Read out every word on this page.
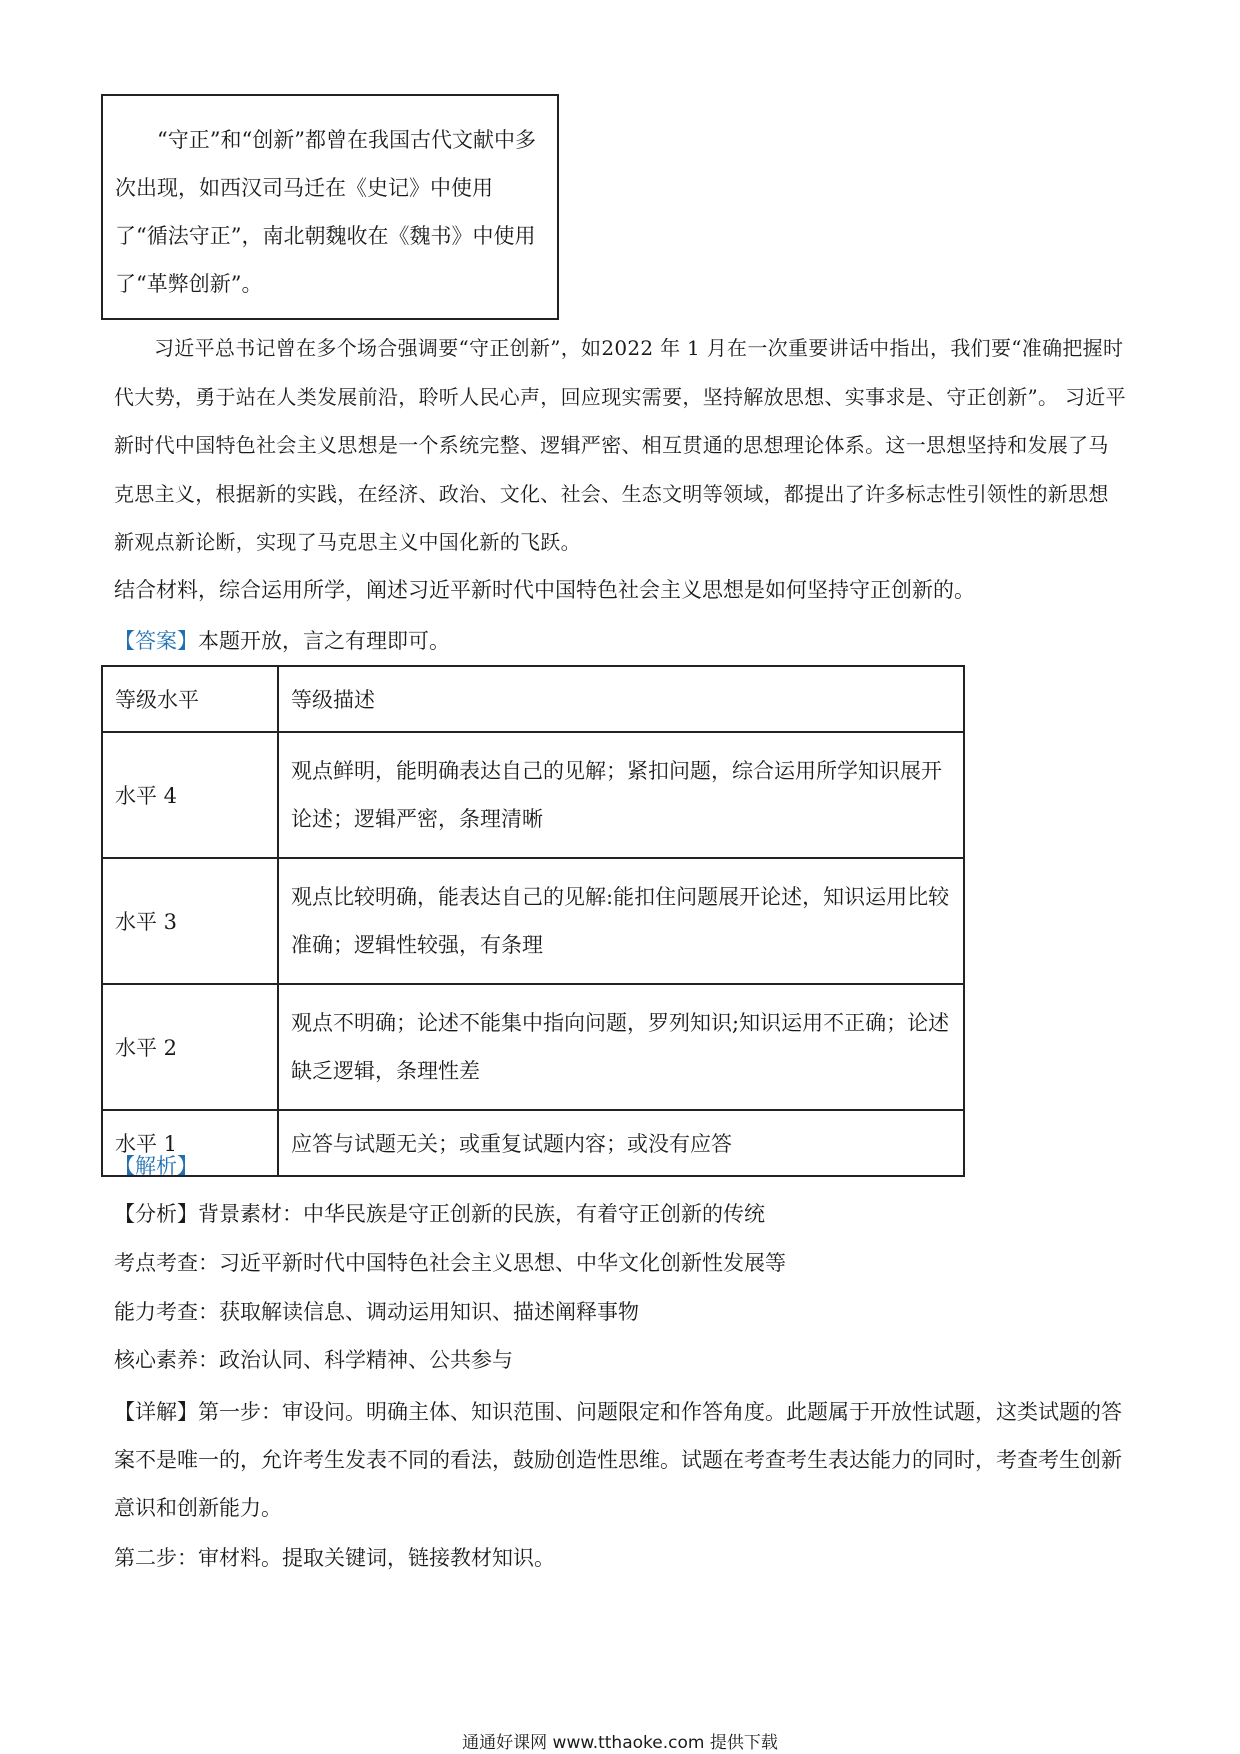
“守正”和“创新”都曾在我国古代文献中多次出现，如西汉司马迁在《史记》中使用了“循法守正”，南北朝魏收在《魏书》中使用了“革弊创新”。

习近平总书记曾在多个场合强调要“守正创新”，如2022 年 1 月在一次重要讲话中指出，我们要“准确把握时代大势，勇于站在人类发展前沿，聆听人民心声，回应现实需要，坚持解放思想、实事求是、守正创新”。 习近平新时代中国特色社会主义思想是一个系统完整、逻辑严密、相互贯通的思想理论体系。这一思想坚持和发展了马克思主义，根据新的实践，在经济、政治、文化、社会、生态文明等领域，都提出了许多标志性引领性的新思想新观点新论断，实现了马克思主义中国化新的飞跃。

结合材料，综合运用所学，阐述习近平新时代中国特色社会主义思想是如何坚持守正创新的。

【答案】本题开放，言之有理即可。

等级水平	等级描述
水平 4	观点鲜明，能明确表达自己的见解；紧扣问题，综合运用所学知识展开论述；逻辑严密，条理清晰
水平 3	观点比较明确，能表达自己的见解:能扣住问题展开论述，知识运用比较准确；逻辑性较强，有条理
水平 2	观点不明确；论述不能集中指向问题，罗列知识;知识运用不正确；论述缺乏逻辑，条理性差
水平 1	应答与试题无关；或重复试题内容；或没有应答

【解析】

【分析】背景素材：中华民族是守正创新的民族，有着守正创新的传统

考点考查：习近平新时代中国特色社会主义思想、中华文化创新性发展等

能力考查：获取解读信息、调动运用知识、描述阐释事物

核心素养：政治认同、科学精神、公共参与

【详解】第一步：审设问。明确主体、知识范围、问题限定和作答角度。此题属于开放性试题，这类试题的答案不是唯一的，允许考生发表不同的看法，鼓励创造性思维。试题在考查考生表达能力的同时，考查考生创新意识和创新能力。

第二步：审材料。提取关键词，链接教材知识。

通通好课网 www.tthaoke.com 提供下载
